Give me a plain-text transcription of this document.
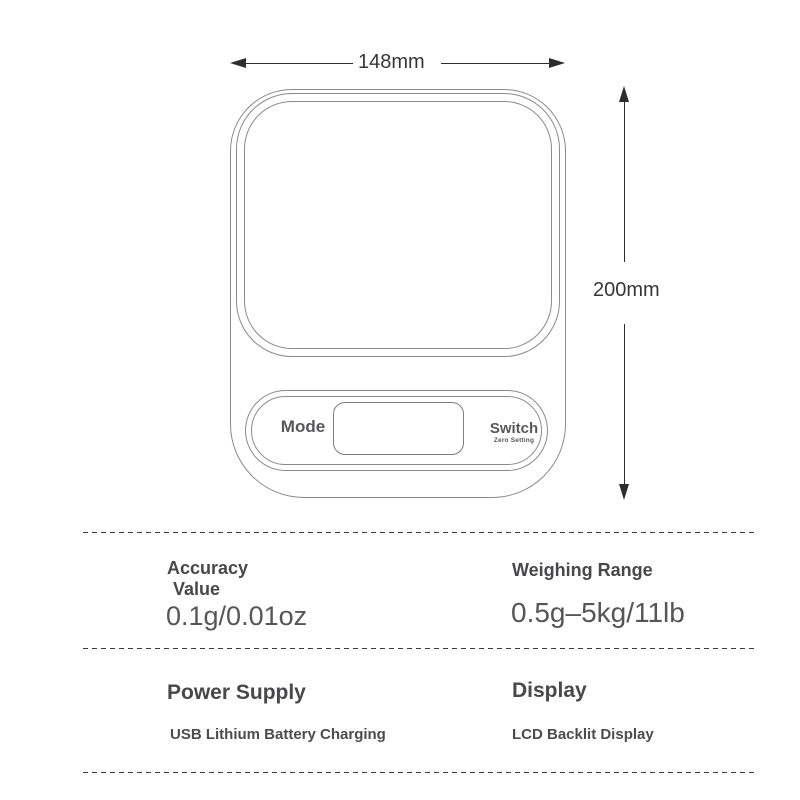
148mm
200mm
Mode	Switch
Zero Setting
Accuracy
Value
0.1g/0.01oz
Weighing Range
0.5g–5kg/11lb
Power Supply
USB Lithium Battery Charging
Display
LCD Backlit Display
